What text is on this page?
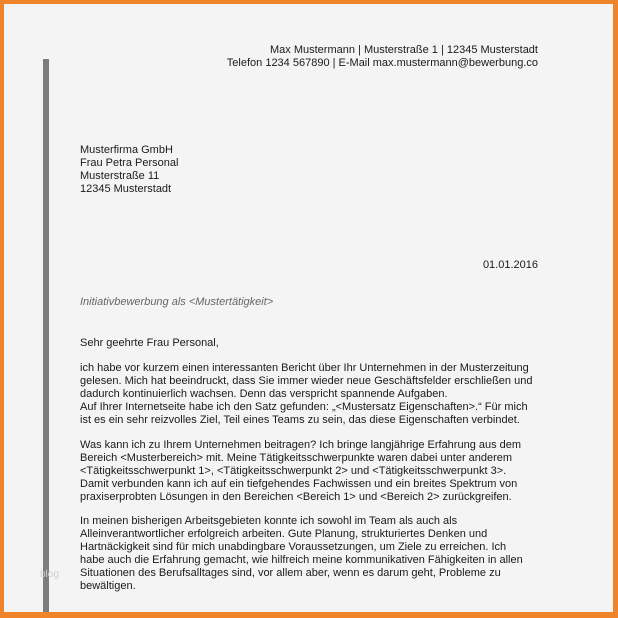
Max Mustermann | Musterstraße 1 | 12345 Musterstadt
Telefon 1234 567890 | E-Mail max.mustermann@bewerbung.co
Musterfirma GmbH
Frau Petra Personal
Musterstraße 11
12345 Musterstadt
01.01.2016
Initiativbewerbung als <Mustertätigkeit>
Sehr geehrte Frau Personal,
ich habe vor kurzem einen interessanten Bericht über Ihr Unternehmen in der Musterzeitung
gelesen. Mich hat beeindruckt, dass Sie immer wieder neue Geschäftsfelder erschließen und
dadurch kontinuierlich wachsen. Denn das verspricht spannende Aufgaben.
Auf Ihrer Internetseite habe ich den Satz gefunden: „<Mustersatz Eigenschaften>.“ Für mich
ist es ein sehr reizvolles Ziel, Teil eines Teams zu sein, das diese Eigenschaften verbindet.
Was kann ich zu Ihrem Unternehmen beitragen? Ich bringe langjährige Erfahrung aus dem
Bereich <Musterbereich> mit. Meine Tätigkeitsschwerpunkte waren dabei unter anderem
<Tätigkeitsschwerpunkt 1>, <Tätigkeitsschwerpunkt 2> und <Tätigkeitsschwerpunkt 3>.
Damit verbunden kann ich auf ein tiefgehendes Fachwissen und ein breites Spektrum von
praxiserprobten Lösungen in den Bereichen <Bereich 1> und <Bereich 2> zurückgreifen.
In meinen bisherigen Arbeitsgebieten konnte ich sowohl im Team als auch als
Alleinverantwortlicher erfolgreich arbeiten. Gute Planung, strukturiertes Denken und
Hartnäckigkeit sind für mich unabdingbare Voraussetzungen, um Ziele zu erreichen. Ich
habe auch die Erfahrung gemacht, wie hilfreich meine kommunikativen Fähigkeiten in allen
Situationen des Berufsalltages sind, vor allem aber, wenn es darum geht, Probleme zu
bewältigen.
blog
